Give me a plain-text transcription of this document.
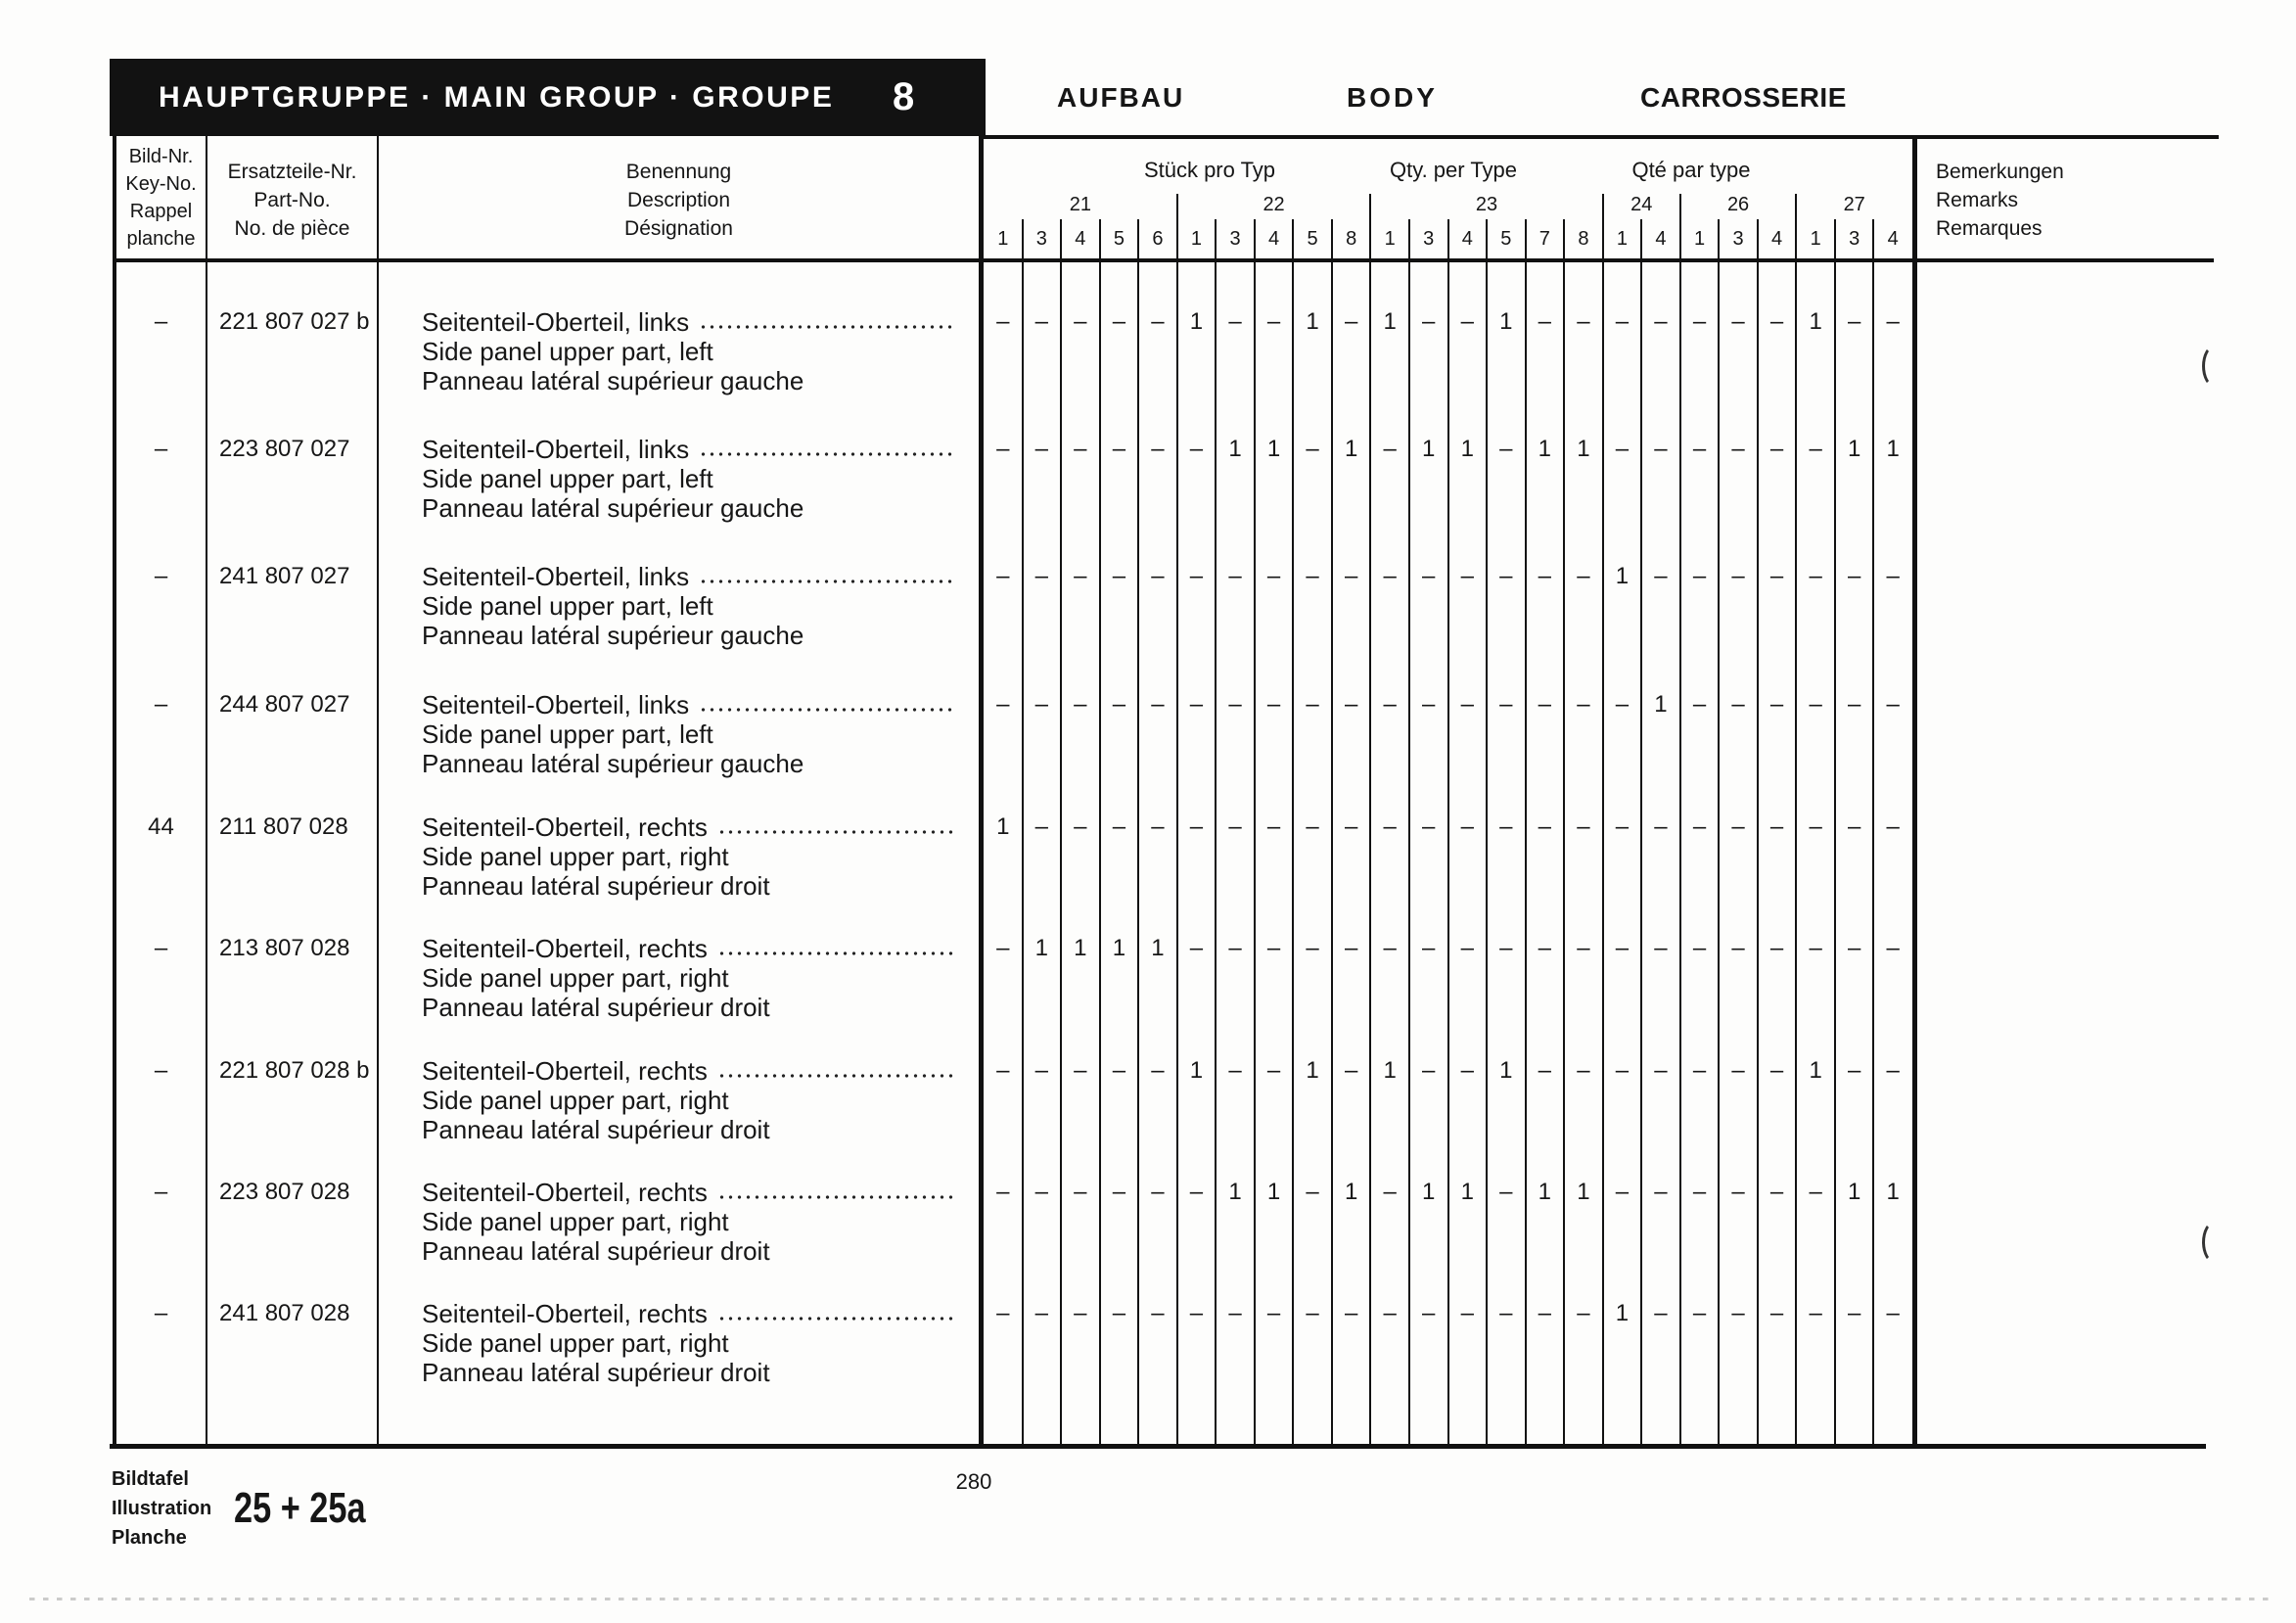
HAUPTGRUPPE · MAIN GROUP · GROUPE 8	AUFBAU	BODY	CARROSSERIE
Bild-Nr.
Key-No.
Rappel
planche
Ersatzteile-Nr.
Part-No.
No. de pièce
Benennung
Description
Désignation
Bemerkungen
Remarks
Remarques
Stück pro Typ	Qty. per Type	Qté par type
Bildtafel
Illustration
Planche
25 + 25a
280
21
1	3	4	5	6
22
1	3	4	5	8
23
1	3	4	5	7	8
24
1	4
26
1	3	4
27
1	3	4
–	221 807 027 b Seitenteil-Oberteil, links
Side panel upper part, left
Panneau latéral supérieur gauche
–	–	–	–	–	1	–	–	1	–	1	–	–	1	–	–	–	–	–	–	–	1	–	–
–	223 807 027	Seitenteil-Oberteil, links
Side panel upper part, left
Panneau latéral supérieur gauche
–	–	–	–	–	–	1	1	–	1	–	1	1	–	1	1	–	–	–	–	–	–	1	1
–	241 807 027	Seitenteil-Oberteil, links
Side panel upper part, left
Panneau latéral supérieur gauche
–	–	–	–	–	–	–	–	–	–	–	–	–	–	–	–	1	–	–	–	–	–	–	–
–	244 807 027	Seitenteil-Oberteil, links
Side panel upper part, left
Panneau latéral supérieur gauche
–	–	–	–	–	–	–	–	–	–	–	–	–	–	–	–	–	1	–	–	–	–	–	–
44	211 807 028	Seitenteil-Oberteil, rechts
Side panel upper part, right
Panneau latéral supérieur droit
1	–	–	–	–	–	–	–	–	–	–	–	–	–	–	–	–	–	–	–	–	–	–	–
–	213 807 028	Seitenteil-Oberteil, rechts
Side panel upper part, right
Panneau latéral supérieur droit
–	1	1	1	1	–	–	–	–	–	–	–	–	–	–	–	–	–	–	–	–	–	–	–
–	221 807 028 b Seitenteil-Oberteil, rechts
Side panel upper part, right
Panneau latéral supérieur droit
–	–	–	–	–	1	–	–	1	–	1	–	–	1	–	–	–	–	–	–	–	1	–	–
–	223 807 028	Seitenteil-Oberteil, rechts
Side panel upper part, right
Panneau latéral supérieur droit
–	–	–	–	–	–	1	1	–	1	–	1	1	–	1	1	–	–	–	–	–	–	1	1
–	241 807 028	Seitenteil-Oberteil, rechts
Side panel upper part, right
Panneau latéral supérieur droit
–	–	–	–	–	–	–	–	–	–	–	–	–	–	–	–	1	–	–	–	–	–	–	–
